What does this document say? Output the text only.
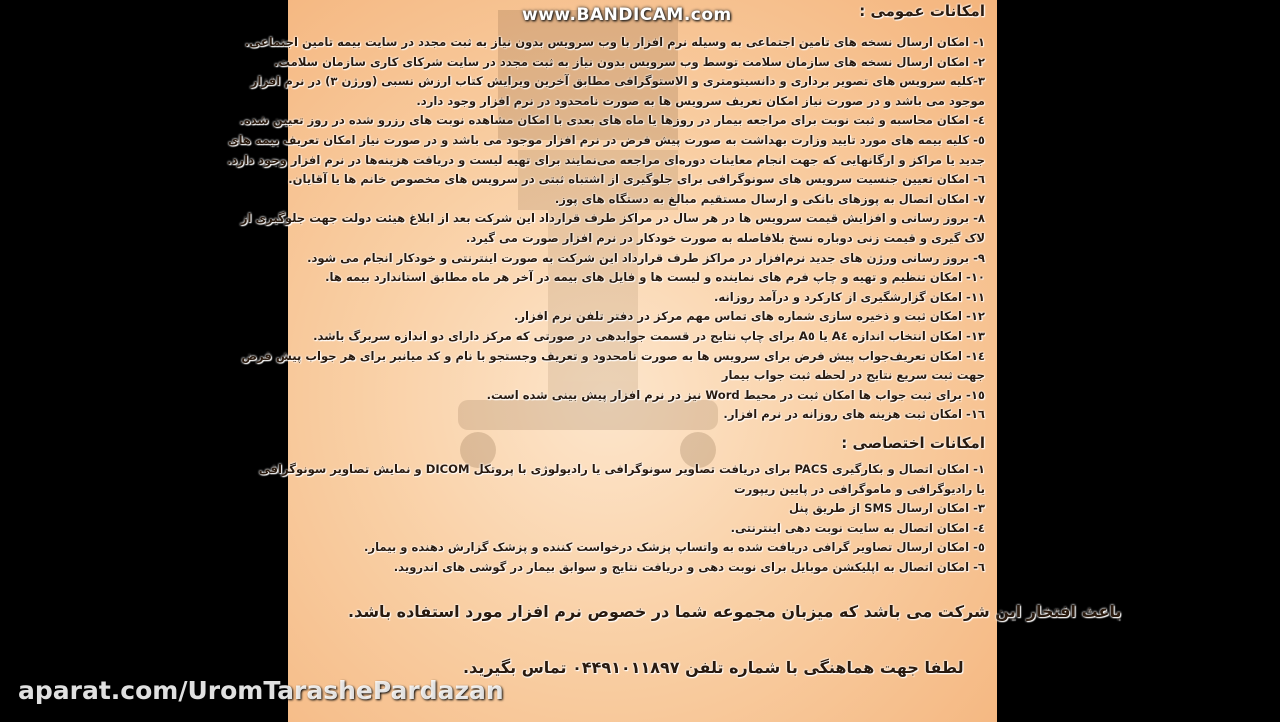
امکانات عمومی :
۱- امکان ارسال نسخه های تامین اجتماعی به وسیله نرم افزار با وب سرویس بدون نیاز به ثبت مجدد در سایت بیمه تامین اجتماعی.
۲- امکان ارسال نسخه های سازمان سلامت توسط وب سرویس بدون نیاز به ثبت مجدد در سایت شرکای کاری سازمان سلامت.
۳-کلیه سرویس های تصویر برداری و دانسیتومتری و الاستوگرافی مطابق آخرین ویرایش کتاب ارزش نسبی (ورژن ۳) در نرم افزار
موجود می باشد و در صورت نیاز امکان تعریف سرویس ها به صورت نامحدود در نرم افزار وجود دارد.
٤- امکان محاسبه و ثبت نوبت برای مراجعه بیمار در روزها یا ماه های بعدی با امکان مشاهده نوبت های رزرو شده در روز تعیین شده.
٥- کلیه بیمه های مورد تایید وزارت بهداشت به صورت پیش فرض در نرم افزار موجود می باشد و در صورت نیاز امکان تعریف بیمه های
جدید یا مراکز و ارگانهایی که جهت انجام معاینات دوره‌ای مراجعه می‌نمایند برای تهیه لیست و دریافت هزینه‌ها در نرم افزار وجود دارد.
٦- امکان تعیین جنسیت سرویس های سونوگرافی برای جلوگیری از اشتباه ثبتی در سرویس های مخصوص خانم ها یا آقایان.
۷- امکان اتصال به پوزهای بانکی و ارسال مستقیم مبالغ به دستگاه های پوز.
۸- بروز رسانی و افزایش قیمت سرویس ها در هر سال در مراکز طرف قرارداد این شرکت بعد از ابلاغ هیئت دولت جهت جلوگیری از
لاک گیری و قیمت زنی دوباره نسخ بلافاصله به صورت خودکار در نرم افزار صورت می گیرد.
۹- بروز رسانی ورژن های جدید نرم‌افزار در مراکز طرف قرارداد این شرکت به صورت اینترنتی و خودکار انجام می شود.
۱۰- امکان تنظیم و تهیه و چاپ فرم های نماینده و لیست ها و فایل های بیمه در آخر هر ماه مطابق استاندارد بیمه ها.
۱۱- امکان گزارشگیری از کارکرد و درآمد روزانه.
۱۲- امکان ثبت و ذخیره سازی شماره های تماس مهم مرکز در دفتر تلفن نرم افزار.
۱۳- امکان انتخاب اندازه A٤ یا A٥ برای چاپ نتایج در قسمت جوابدهی در صورتی که مرکز دارای دو اندازه سربرگ باشد.
۱٤- امکان تعریف‌جواب پیش فرض برای سرویس ها به صورت نامحدود و تعریف وجستجو با نام و کد میانبر برای هر جواب پیش فرض
جهت ثبت سریع نتایج در لحظه ثبت جواب بیمار
۱٥- برای ثبت جواب ها امکان ثبت در محیط Word نیز در نرم افزار پیش بینی شده است.
۱٦- امکان ثبت هزینه های روزانه در نرم افزار.
امکانات اختصاصی :
۱- امکان اتصال و بکارگیری PACS برای دریافت تصاویر سونوگرافی یا رادیولوژی با پروتکل DICOM و نمایش تصاویر سونوگرافی
یا رادیوگرافی و ماموگرافی در پایین ریپورت
۳- امکان ارسال SMS از طریق پنل
٤- امکان اتصال به سایت نوبت دهی اینترنتی.
٥- امکان ارسال تصاویر گرافی دریافت شده به واتساپ پزشک درخواست کننده و پزشک گزارش دهنده و بیمار.
٦- امکان اتصال به اپلیکشن موبایل برای نوبت دهی و دریافت نتایج و سوابق بیمار در گوشی های اندروید.
باعث افتخار این شرکت می باشد که میزبان مجموعه شما در خصوص نرم افزار مورد استفاده باشد.
لطفا جهت هماهنگی با شماره تلفن ۰۴۴۹۱۰۱۱۸۹۷ تماس بگیرید.
www.BANDICAM.com
aparat.com/UromTarashePardazan
